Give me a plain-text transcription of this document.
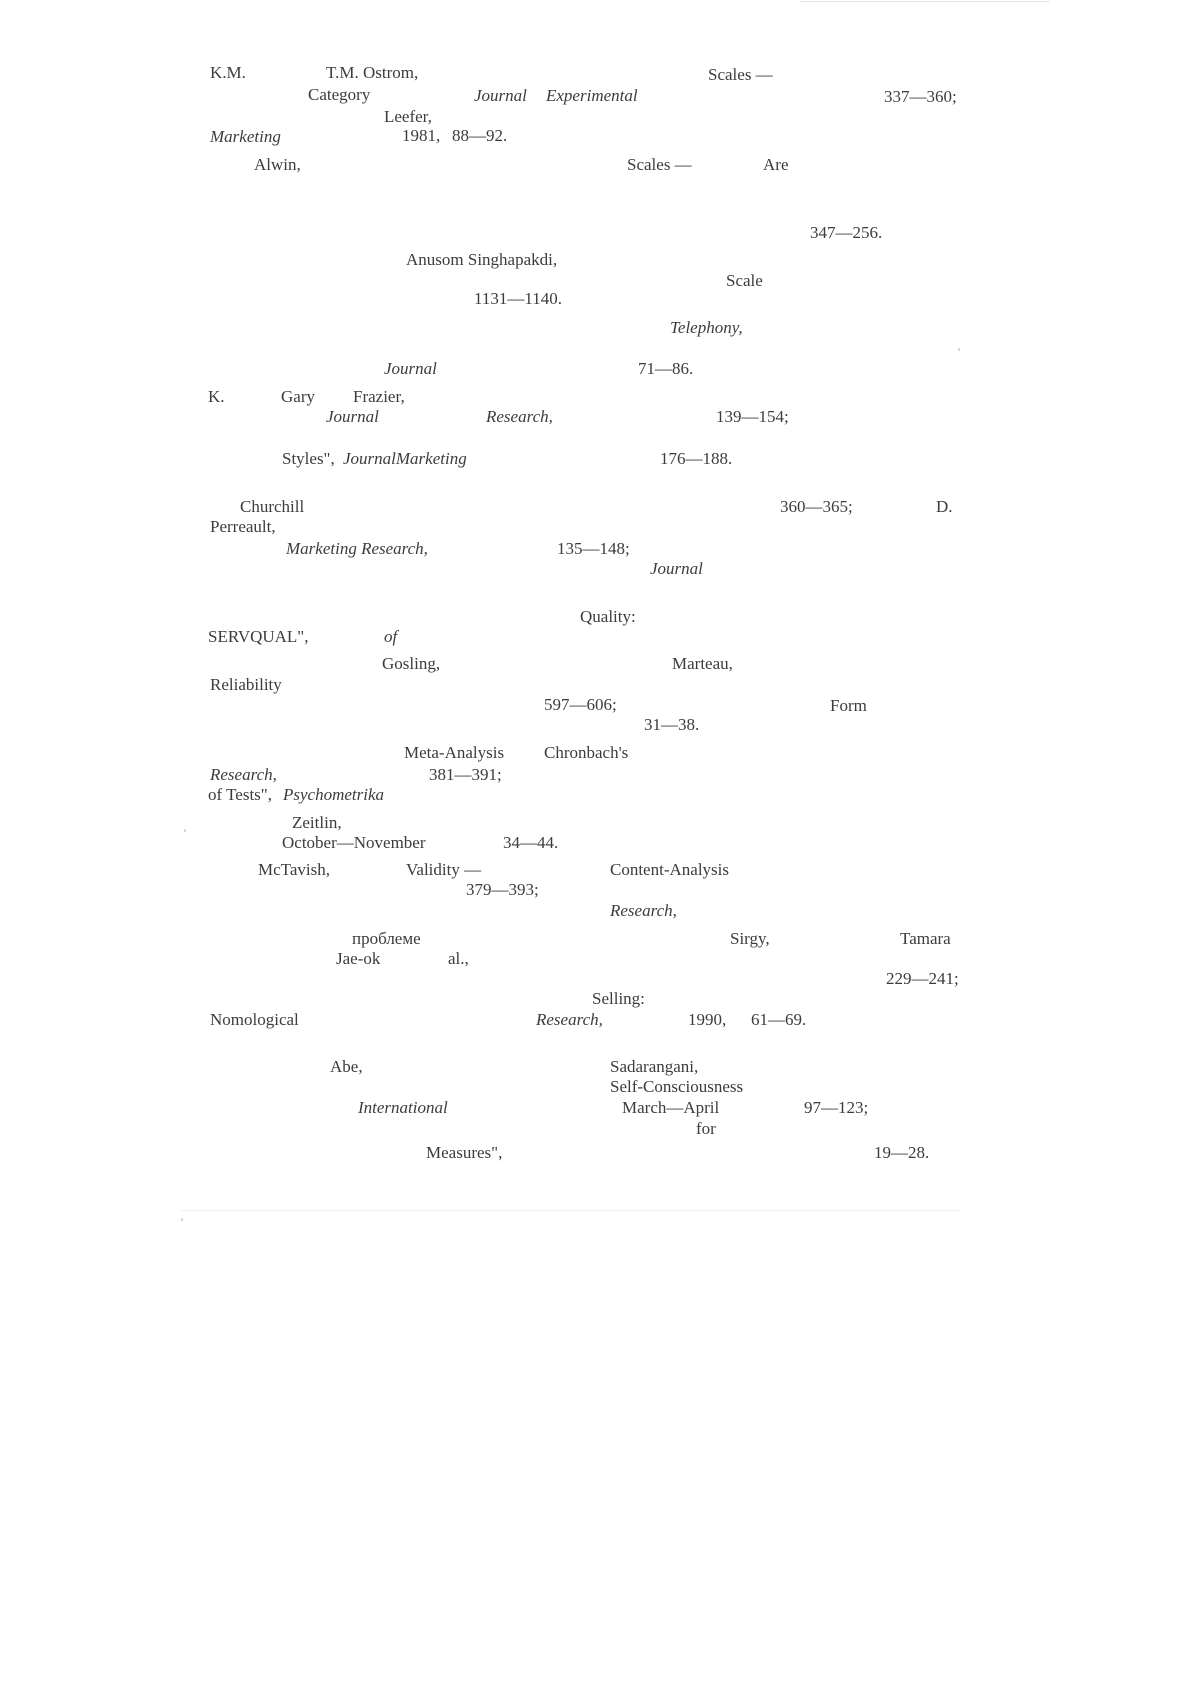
K.M.	T.M. Ostrom,	Scales —
Category	Journal Experimental	337—360;
Leefer,
Marketing	1981, 88—92.
Alwin,	Scales —	Are
347—256.
Anusom Singhapakdi,
Scale
1131—1140.
Telephony,
Journal	71—86.
K.	Gary Frazier,
Journal	Research,	139—154;
Styles", JournalMarketing	176—188.
Churchill	360—365;	D.
Perreault,
Marketing Research,	135—148;
Journal
Quality:
SERVQUAL",	of
Gosling,	Marteau,
Reliability
597—606;	Form
31—38.
Meta-Analysis Chronbach's
Research,	381—391;
of Tests", Psychometrika
Zeitlin,
October—November	34—44.
McTavish,	Validity —	Content-Analysis
379—393;
Research,
проблеме	Sirgy,	Tamara
Jae-ok	al.,
229—241;
Selling:
Nomological	Research,	1990, 61—69.
Abe,	Sadarangani,
Self-Consciousness
International	March—April	97—123;
for
Measures",	19—28.
